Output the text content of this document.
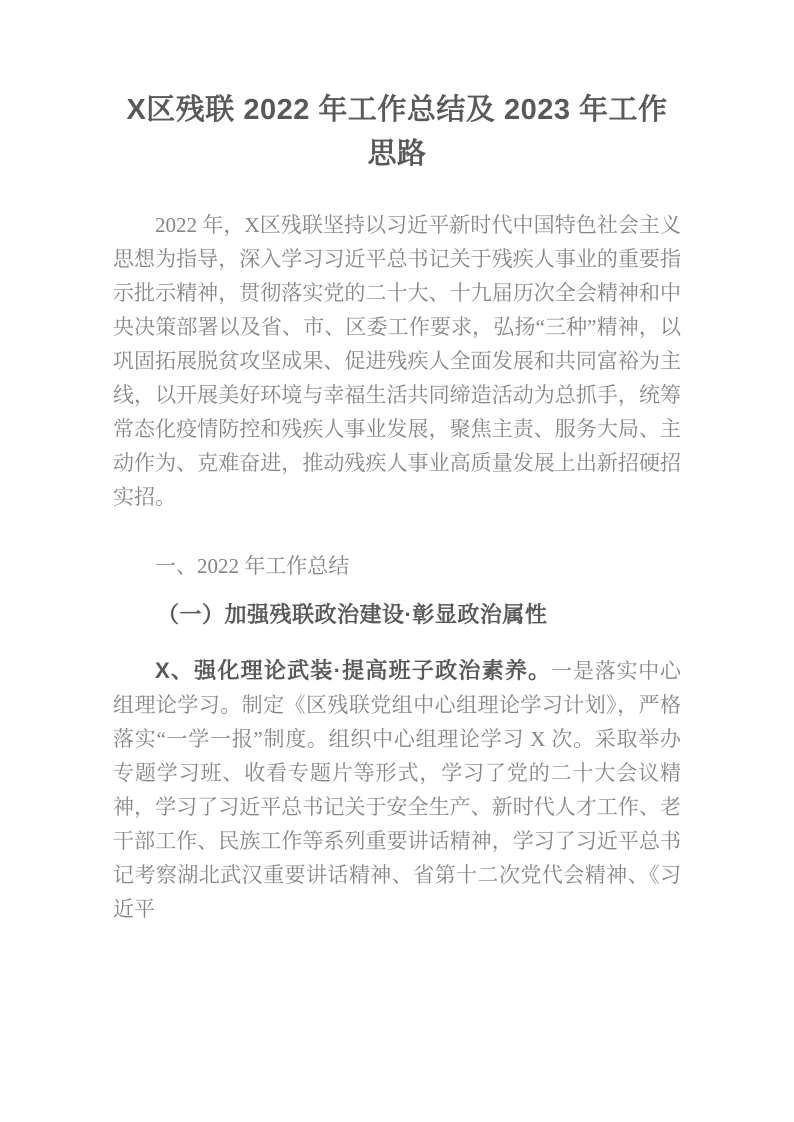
X区残联 2022 年工作总结及 2023 年工作思路

2022 年，X区残联坚持以习近平新时代中国特色社会主义思想为指导，深入学习习近平总书记关于残疾人事业的重要指示批示精神，贯彻落实党的二十大、十九届历次全会精神和中央决策部署以及省、市、区委工作要求，弘扬“三种”精神，以巩固拓展脱贫攻坚成果、促进残疾人全面发展和共同富裕为主线，以开展美好环境与幸福生活共同缔造活动为总抓手，统筹常态化疫情防控和残疾人事业发展，聚焦主责、服务大局、主动作为、克难奋进，推动残疾人事业高质量发展上出新招硬招实招。

一、2022 年工作总结
（一）加强残联政治建设·彰显政治属性

X、强化理论武装·提高班子政治素养。一是落实中心组理论学习。制定《区残联党组中心组理论学习计划》，严格落实“一学一报”制度。组织中心组理论学习 X 次。采取举办专题学习班、收看专题片等形式，学习了党的二十大会议精神，学习了习近平总书记关于安全生产、新时代人才工作、老干部工作、民族工作等系列重要讲话精神，学习了习近平总书记考察湖北武汉重要讲话精神、省第十二次党代会精神、《习近平
